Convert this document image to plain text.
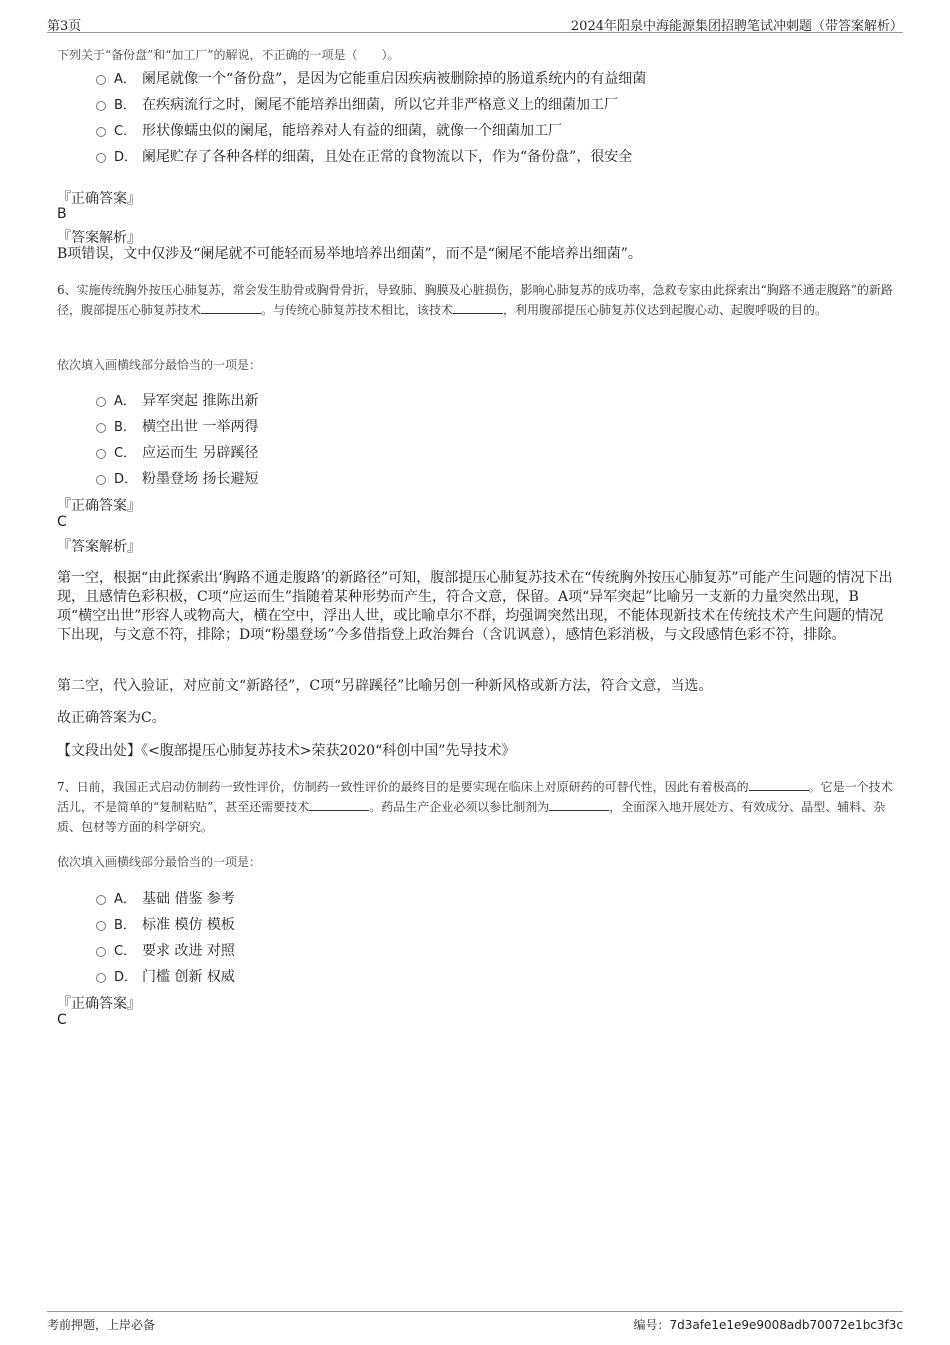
第3页	2024年阳泉中海能源集团招聘笔试冲刺题（带答案解析）
下列关于“备份盘”和“加工厂”的解说，不正确的一项是（　　）。
A． 阑尾就像一个“备份盘”，是因为它能重启因疾病被删除掉的肠道系统内的有益细菌
B． 在疾病流行之时，阑尾不能培养出细菌，所以它并非严格意义上的细菌加工厂
C． 形状像蠕虫似的阑尾，能培养对人有益的细菌，就像一个细菌加工厂
D． 阑尾贮存了各种各样的细菌，且处在正常的食物流以下，作为“备份盘”，很安全
『正确答案』
B
『答案解析』
B项错误，文中仅涉及“阑尾就不可能轻而易举地培养出细菌”，而不是“阑尾不能培养出细菌”。
6、实施传统胸外按压心肺复苏，常会发生肋骨或胸骨骨折，导致肺、胸膜及心脏损伤，影响心肺复苏的成功率，急救专家由此探索出“胸路不通走腹路”的新路径，腹部提压心肺复苏技术	。与传统心肺复苏技术相比，该技术	，利用腹部提压心肺复苏仪达到起腹心动、起腹呼吸的目的。
依次填入画横线部分最恰当的一项是：
A． 异军突起 推陈出新
B． 横空出世 一举两得
C． 应运而生 另辟蹊径
D． 粉墨登场 扬长避短
『正确答案』
C
『答案解析』
第一空，根据“由此探索出‘胸路不通走腹路’的新路径”可知，腹部提压心肺复苏技术在“传统胸外按压心肺复苏”可能产生问题的情况下出现，且感情色彩积极，C项“应运而生”指随着某种形势而产生，符合文意，保留。A项“异军突起”比喻另一支新的力量突然出现，B项“横空出世”形容人或物高大，横在空中，浮出人世，或比喻卓尔不群，均强调突然出现，不能体现新技术在传统技术产生问题的情况下出现，与文意不符，排除；D项“粉墨登场”今多借指登上政治舞台（含讥讽意），感情色彩消极，与文段感情色彩不符，排除。
第二空，代入验证，对应前文“新路径”，C项“另辟蹊径”比喻另创一种新风格或新方法，符合文意，当选。
故正确答案为C。
【文段出处】《<腹部提压心肺复苏技术>荣获2020“科创中国”先导技术》
7、日前，我国正式启动仿制药一致性评价，仿制药一致性评价的最终目的是要实现在临床上对原研药的可替代性，因此有着极高的	。它是一个技术活儿，不是简单的“复制粘贴”，甚至还需要技术	。药品生产企业必须以参比制剂为	，全面深入地开展处方、有效成分、晶型、辅料、杂质、包材等方面的科学研究。
依次填入画横线部分最恰当的一项是：
A． 基础 借鉴 参考
B． 标准 模仿 模板
C． 要求 改进 对照
D． 门槛 创新 权威
『正确答案』
C
考前押题，上岸必备	编号：7d3afe1e1e9e9008adb70072e1bc3f3c
